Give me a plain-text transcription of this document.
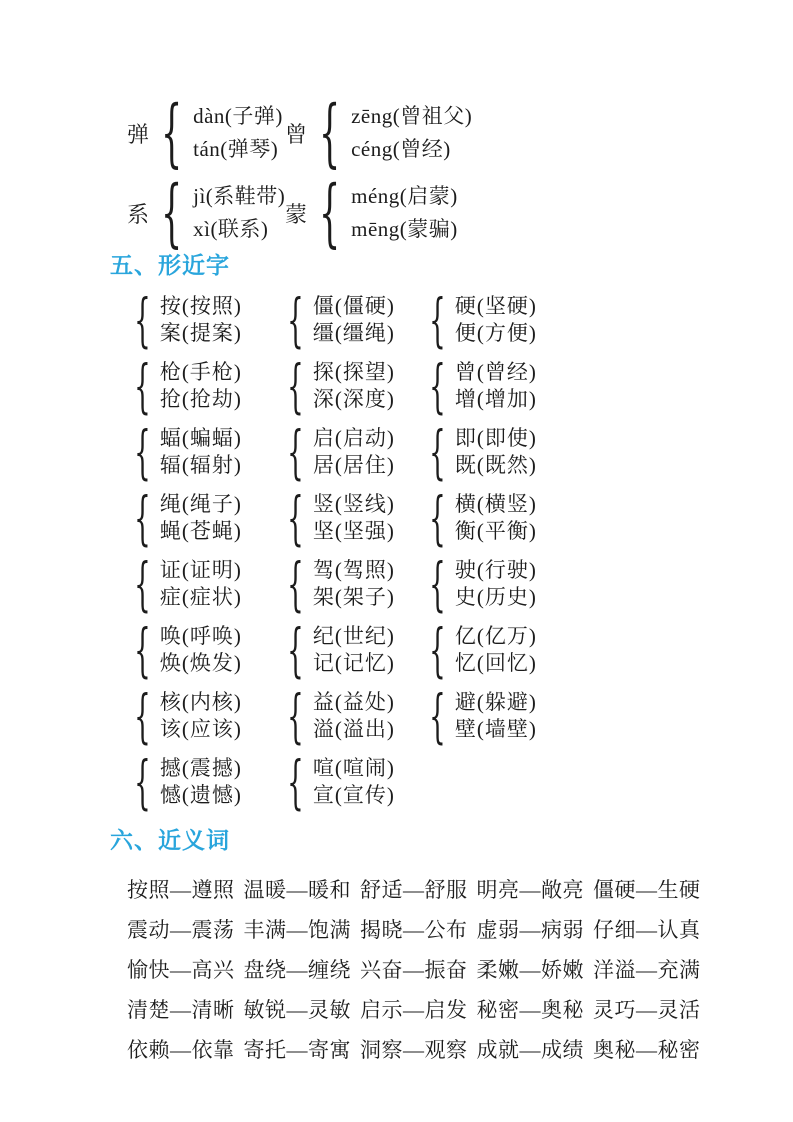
弹 { dàn(子弹)
tán(弹琴)
曾 { zēng(曾祖父)
céng(曾经)
系 { jì(系鞋带)
xì(联系)
蒙 { méng(启蒙)
mēng(蒙骗)
五、形近字
{ 按(按照)
案(提案) { 僵(僵硬)
缰(缰绳) { 硬(坚硬)
便(方便)
{ 枪(手枪)
抢(抢劫) { 探(探望)
深(深度) { 曾(曾经)
增(增加)
{ 蝠(蝙蝠)
辐(辐射) { 启(启动)
居(居住) { 即(即使)
既(既然)
{ 绳(绳子)
蝇(苍蝇) { 竖(竖线)
坚(坚强) { 横(横竖)
衡(平衡)
{ 证(证明)
症(症状) { 驾(驾照)
架(架子) { 驶(行驶)
史(历史)
{ 唤(呼唤)
焕(焕发) { 纪(世纪)
记(记忆) { 亿(亿万)
忆(回忆)
{ 核(内核)
该(应该) { 益(益处)
溢(溢出) { 避(躲避)
壁(墙壁)
{ 撼(震撼)
憾(遗憾) { 喧(喧闹)
宣(宣传)
六、近义词
按照—遵照 温暖—暖和 舒适—舒服 明亮—敞亮 僵硬—生硬
震动—震荡 丰满—饱满 揭晓—公布 虚弱—病弱 仔细—认真
愉快—高兴 盘绕—缠绕 兴奋—振奋 柔嫩—娇嫩 洋溢—充满
清楚—清晰 敏锐—灵敏 启示—启发 秘密—奥秘 灵巧—灵活
依赖—依靠 寄托—寄寓 洞察—观察 成就—成绩 奥秘—秘密
